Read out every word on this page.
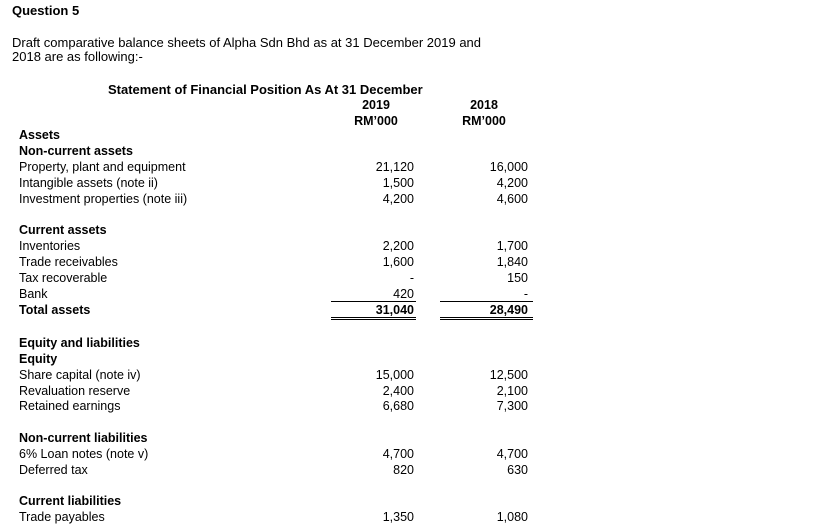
Question 5
Draft comparative balance sheets of Alpha Sdn Bhd as at 31 December 2019 and
2018 are as following:-
Statement of Financial Position As At 31 December
2019	2018
RM’000	RM’000
Assets
Non-current assets
Property, plant and equipment	21,120	16,000
Intangible assets (note ii)	1,500	4,200
Investment properties (note iii)	4,200	4,600
Current assets
Inventories	2,200	1,700
Trade receivables	1,600	1,840
Tax recoverable	-	150
Bank	420	-
Total assets	31,040	28,490
Equity and liabilities
Equity
Share capital (note iv)	15,000	12,500
Revaluation reserve	2,400	2,100
Retained earnings	6,680	7,300
Non-current liabilities
6% Loan notes (note v)	4,700	4,700
Deferred tax	820	630
Current liabilities
Trade payables	1,350	1,080
